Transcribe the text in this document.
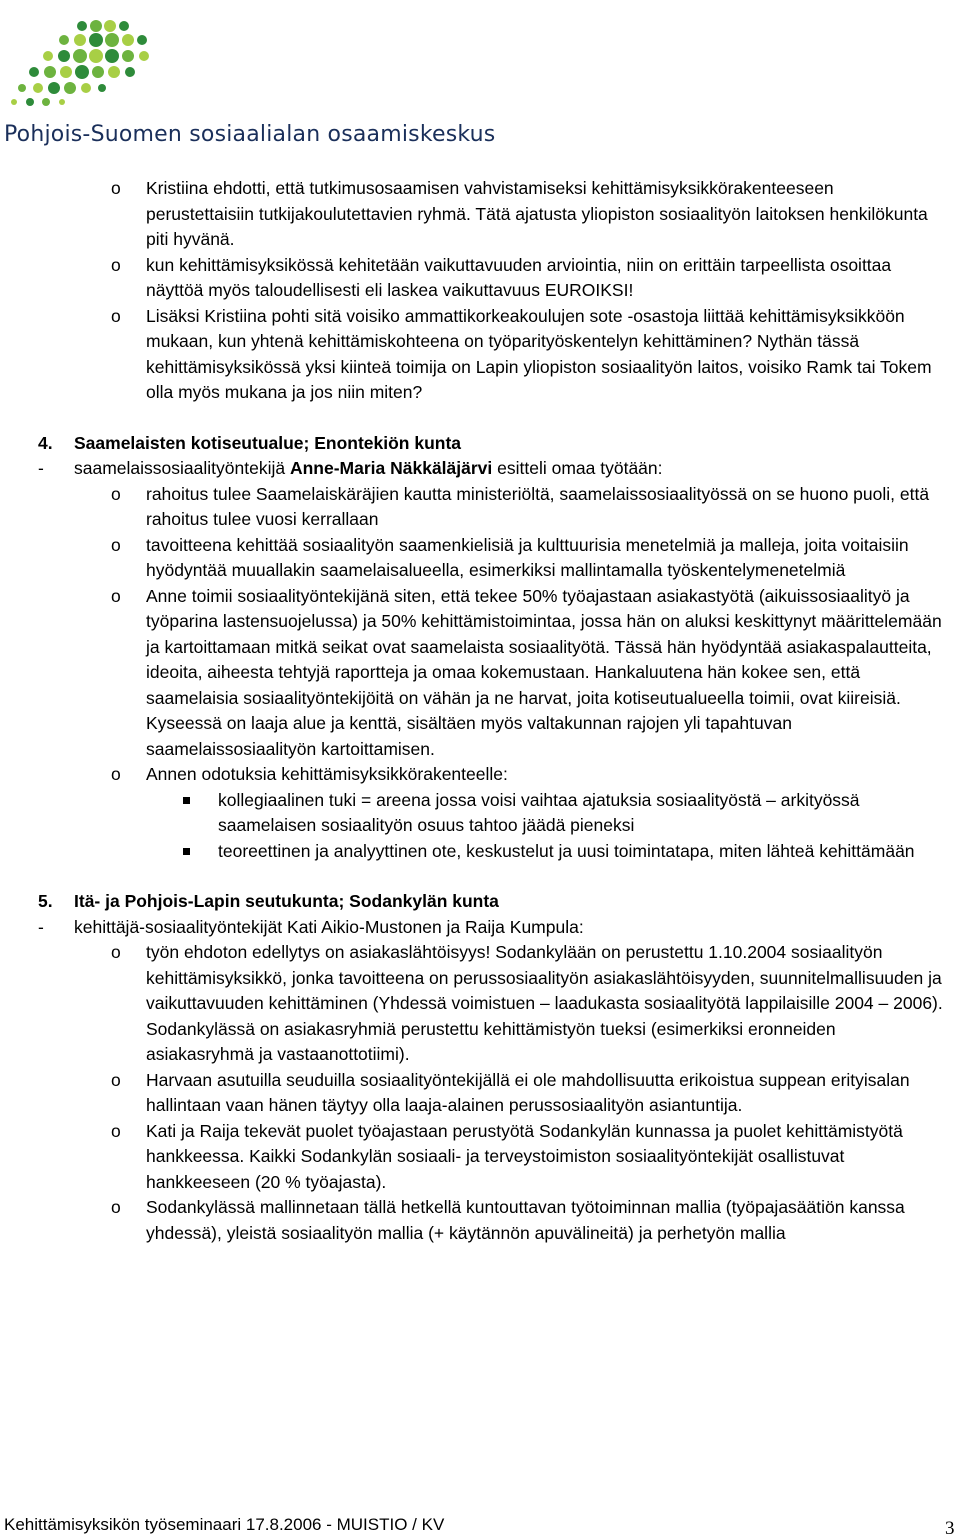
Pohjois-Suomen sosiaalialan osaamiskeskus
o Kristiina ehdotti, että tutkimusosaamisen vahvistamiseksi kehittämisyksikkörakenteeseen perustettaisiin tutkijakoulutettavien ryhmä. Tätä ajatusta yliopiston sosiaalityön laitoksen henkilökunta piti hyvänä.
o kun kehittämisyksikössä kehitetään vaikuttavuuden arviointia, niin on erittäin tarpeellista osoittaa näyttöä myös taloudellisesti eli laskea vaikuttavuus EUROIKSI!
o Lisäksi Kristiina pohti sitä voisiko ammattikorkeakoulujen sote -osastoja liittää kehittämisyksikköön mukaan, kun yhtenä kehittämiskohteena on työparityöskentelyn kehittäminen? Nythän tässä kehittämisyksikössä yksi kiinteä toimija on Lapin yliopiston sosiaalityön laitos, voisiko Ramk tai Tokem olla myös mukana ja jos niin miten?
4. Saamelaisten kotiseutualue; Enontekiön kunta
- saamelaissosiaalityöntekijä Anne-Maria Näkkäläjärvi esitteli omaa työtään:
o rahoitus tulee Saamelaiskäräjien kautta ministeriöltä, saamelaissosiaalityössä on se huono puoli, että rahoitus tulee vuosi kerrallaan
o tavoitteena kehittää sosiaalityön saamenkielisiä ja kulttuurisia menetelmiä ja malleja, joita voitaisiin hyödyntää muuallakin saamelaisalueella, esimerkiksi mallintamalla työskentelymenetelmiä
o Anne toimii sosiaalityöntekijänä siten, että tekee 50% työajastaan asiakastyötä (aikuissosiaalityö ja työparina lastensuojelussa) ja 50% kehittämistoimintaa, jossa hän on aluksi keskittynyt määrittelemään ja kartoittamaan mitkä seikat ovat saamelaista sosiaalityötä. Tässä hän hyödyntää asiakaspalautteita, ideoita, aiheesta tehtyjä raportteja ja omaa kokemustaan. Hankaluutena hän kokee sen, että saamelaisia sosiaalityöntekijöitä on vähän ja ne harvat, joita kotiseutualueella toimii, ovat kiireisiä. Kyseessä on laaja alue ja kenttä, sisältäen myös valtakunnan rajojen yli tapahtuvan saamelaissosiaalityön kartoittamisen.
o Annen odotuksia kehittämisyksikkörakenteelle:
kollegiaalinen tuki = areena jossa voisi vaihtaa ajatuksia sosiaalityöstä – arkityössä saamelaisen sosiaalityön osuus tahtoo jäädä pieneksi
teoreettinen ja analyyttinen ote, keskustelut ja uusi toimintatapa, miten lähteä kehittämään
5. Itä- ja Pohjois-Lapin seutukunta; Sodankylän kunta
- kehittäjä-sosiaalityöntekijät Kati Aikio-Mustonen ja Raija Kumpula:
o työn ehdoton edellytys on asiakaslähtöisyys! Sodankylään on perustettu 1.10.2004 sosiaalityön kehittämisyksikkö, jonka tavoitteena on perussosiaalityön asiakaslähtöisyyden, suunnitelmallisuuden ja vaikuttavuuden kehittäminen (Yhdessä voimistuen – laadukasta sosiaalityötä lappilaisille 2004 – 2006). Sodankylässä on asiakasryhmiä perustettu kehittämistyön tueksi (esimerkiksi eronneiden asiakasryhmä ja vastaanottotiimi).
o Harvaan asutuilla seuduilla sosiaalityöntekijällä ei ole mahdollisuutta erikoistua suppean erityisalan hallintaan vaan hänen täytyy olla laaja-alainen perussosiaalityön asiantuntija.
o Kati ja Raija tekevät puolet työajastaan perustyötä Sodankylän kunnassa ja puolet kehittämistyötä hankkeessa. Kaikki Sodankylän sosiaali- ja terveystoimiston sosiaalityöntekijät osallistuvat hankkeeseen (20 % työajasta).
o Sodankylässä mallinnetaan tällä hetkellä kuntouttavan työtoiminnan mallia (työpajasäätiön kanssa yhdessä), yleistä sosiaalityön mallia (+ käytännön apuvälineitä) ja perhetyön mallia
Kehittämisyksikön työseminaari 17.8.2006 - MUISTIO / KV	3
